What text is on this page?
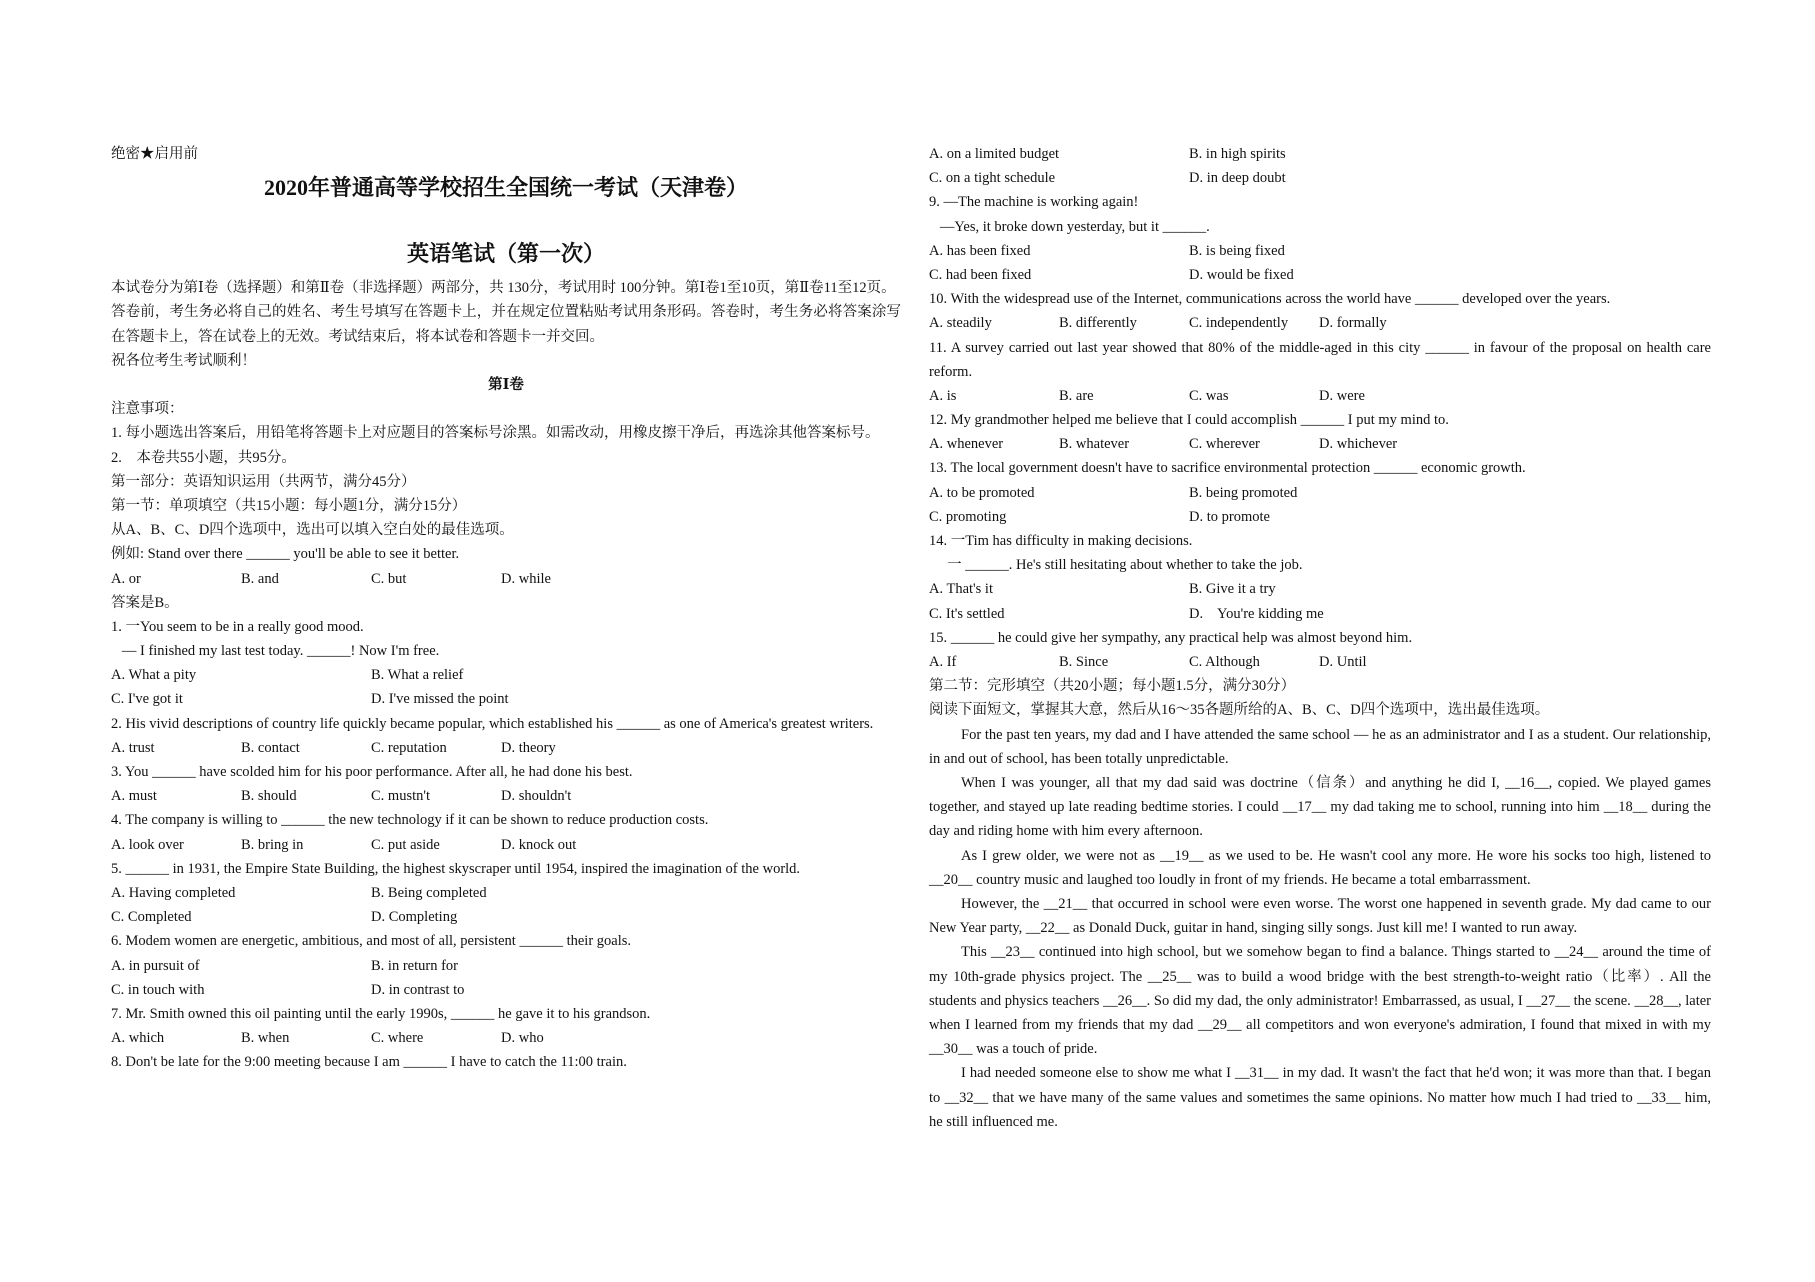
绝密★启用前
2020年普通高等学校招生全国统一考试（天津卷）
英语笔试（第一次）
本试卷分为第Ⅰ卷（选择题）和第Ⅱ卷（非选择题）两部分，共 130分，考试用时 100分钟。第Ⅰ卷1至10页，第Ⅱ卷11至12页。
答卷前，考生务必将自己的姓名、考生号填写在答题卡上，并在规定位置粘贴考试用条形码。答卷时，考生务必将答案涂写在答题卡上，答在试卷上的无效。考试结束后，将本试卷和答题卡一并交回。
祝各位考生考试顺利！
第Ⅰ卷
注意事项：
1. 每小题选出答案后，用铅笔将答题卡上对应题目的答案标号涂黑。如需改动，用橡皮擦干净后，再选涂其他答案标号。
2.    本卷共55小题，共95分。
第一部分：英语知识运用（共两节，满分45分）
第一节：单项填空（共15小题：每小题1分，满分15分）
从A、B、C、D四个选项中，选出可以填入空白处的最佳选项。
例如: Stand over there ______ you'll be able to see it better.
A. or	B. and	C. but	D. while
答案是B。
1. 一You seem to be in a really good mood.
— I finished my last test today. ______! Now I'm free.
A. What a pity	B. What a relief
C. I've got it	D. I've missed the point
2. His vivid descriptions of country life quickly became popular, which established his ______ as one of America's greatest writers.
A. trust	B. contact	C. reputation	D. theory
3. You ______ have scolded him for his poor performance. After all, he had done his best.
A. must	B. should	C. mustn't	D. shouldn't
4. The company is willing to ______ the new technology if it can be shown to reduce production costs.
A. look over	B. bring in	C. put aside	D. knock out
5. ______ in 1931, the Empire State Building, the highest skyscraper until 1954, inspired the imagination of the world.
A. Having completed	B. Being completed
C. Completed	D. Completing
6. Modem women are energetic, ambitious, and most of all, persistent ______ their goals.
A. in pursuit of	B. in return for
C. in touch with	D. in contrast to
7. Mr. Smith owned this oil painting until the early 1990s, ______ he gave it to his grandson.
A. which	B. when	C. where	D. who
8. Don't be late for the 9:00 meeting because I am ______ I have to catch the 11:00 train.
A. on a limited budget	B. in high spirits
C. on a tight schedule	D. in deep doubt
9. —The machine is working again!
—Yes, it broke down yesterday, but it ______.
A. has been fixed	B. is being fixed
C. had been fixed	D. would be fixed
10. With the widespread use of the Internet, communications across the world have ______ developed over the years.
A. steadily	B. differently	C. independently	D. formally
11. A survey carried out last year showed that 80% of the middle-aged in this city ______ in favour of the proposal on health care reform.
A. is	B. are	C. was	D. were
12. My grandmother helped me believe that I could accomplish ______ I put my mind to.
A. whenever	B. whatever	C. wherever	D. whichever
13. The local government doesn't have to sacrifice environmental protection ______ economic growth.
A. to be promoted	B. being promoted
C. promoting	D. to promote
14. 一Tim has difficulty in making decisions.
一 ______. He's still hesitating about whether to take the job.
A. That's it	B. Give it a try
C. It's settled	D.    You're kidding me
15. ______ he could give her sympathy, any practical help was almost beyond him.
A. If	B. Since	C. Although	D. Until
第二节：完形填空（共20小题；每小题1.5分，满分30分）
阅读下面短文，掌握其大意，然后从16～35各题所给的A、B、C、D四个选项中，选出最佳选项。
For the past ten years, my dad and I have attended the same school — he as an administrator and I as a student. Our relationship, in and out of school, has been totally unpredictable.
When I was younger, all that my dad said was doctrine（信条）and anything he did I, __16__, copied. We played games together, and stayed up late reading bedtime stories. I could __17__ my dad taking me to school, running into him __18__ during the day and riding home with him every afternoon.
As I grew older, we were not as __19__ as we used to be. He wasn't cool any more. He wore his socks too high, listened to __20__ country music and laughed too loudly in front of my friends. He became a total embarrassment.
However, the __21__ that occurred in school were even worse. The worst one happened in seventh grade. My dad came to our New Year party, __22__ as Donald Duck, guitar in hand, singing silly songs. Just kill me! I wanted to run away.
This __23__ continued into high school, but we somehow began to find a balance. Things started to __24__ around the time of my 10th-grade physics project. The __25__ was to build a wood bridge with the best strength-to-weight ratio（比率）. All the students and physics teachers __26__. So did my dad, the only administrator! Embarrassed, as usual, I __27__ the scene. __28__, later when I learned from my friends that my dad __29__ all competitors and won everyone's admiration, I found that mixed in with my __30__ was a touch of pride.
I had needed someone else to show me what I __31__ in my dad. It wasn't the fact that he'd won; it was more than that. I began to __32__ that we have many of the same values and sometimes the same opinions. No matter how much I had tried to __33__ him, he still influenced me.
